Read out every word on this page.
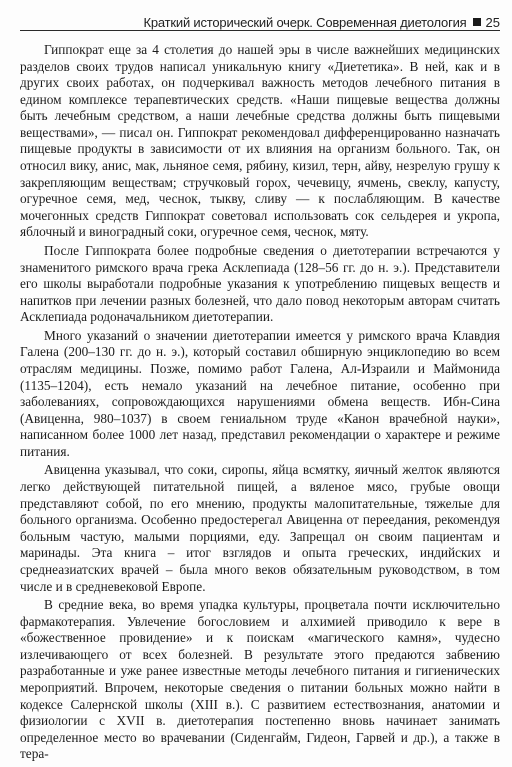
Краткий исторический очерк. Современная диетология 25

Гиппократ еще за 4 столетия до нашей эры в числе важнейших медицинских разделов своих трудов написал уникальную книгу «Диететика». В ней, как и в других своих работах, он подчеркивал важность методов лечебного питания в едином комплексе терапевтических средств. «Наши пищевые вещества должны быть лечебным средством, а наши лечебные средства должны быть пищевыми веществами», — писал он. Гиппократ рекомендовал дифференцированно назначать пищевые продукты в зависимости от их влияния на организм больного. Так, он относил вику, анис, мак, льняное семя, рябину, кизил, терн, айву, незрелую грушу к закрепляющим веществам; стручковый горох, чечевицу, ячмень, свеклу, капусту, огуречное семя, мед, чеснок, тыкву, сливу — к послабляющим. В качестве мочегонных средств Гиппократ советовал использовать сок сельдерея и укропа, яблочный и виноградный соки, огуречное семя, чеснок, мяту.

После Гиппократа более подробные сведения о диетотерапии встречаются у знаменитого римского врача грека Асклепиада (128–56 гг. до н. э.). Представители его школы выработали подробные указания к употреблению пищевых веществ и напитков при лечении разных болезней, что дало повод некоторым авторам считать Асклепиада родоначальником диетотерапии.

Много указаний о значении диетотерапии имеется у римского врача Клавдия Галена (200–130 гг. до н. э.), который составил обширную энциклопедию во всем отраслям медицины. Позже, помимо работ Галена, Ал-Израили и Маймонида (1135–1204), есть немало указаний на лечебное питание, особенно при заболеваниях, сопровождающихся нарушениями обмена веществ. Ибн-Сина (Авиценна, 980–1037) в своем гениальном труде «Канон врачебной науки», написанном более 1000 лет назад, представил рекомендации о характере и режиме питания.

Авиценна указывал, что соки, сиропы, яйца всмятку, яичный желток являются легко действующей питательной пищей, а вяленое мясо, грубые овощи представляют собой, по его мнению, продукты малопитательные, тяжелые для больного организма. Особенно предостерегал Авиценна от переедания, рекомендуя больным частую, малыми порциями, еду. Запрещал он своим пациентам и маринады. Эта книга – итог взглядов и опыта греческих, индийских и среднеазиатских врачей – была много веков обязательным руководством, в том числе и в средневековой Европе.

В средние века, во время упадка культуры, процветала почти исключительно фармакотерапия. Увлечение богословием и алхимией приводило к вере в «божественное провидение» и к поискам «магического камня», чудесно излечивающего от всех болезней. В результате этого предаются забвению разработанные и уже ранее известные методы лечебного питания и гигиенических мероприятий. Впрочем, некоторые сведения о питании больных можно найти в кодексе Салернской школы (XIII в.). С развитием естествознания, анатомии и физиологии с XVII в. диетотерапия постепенно вновь начинает занимать определенное место во врачевании (Сиденгайм, Гидеон, Гарвей и др.), а также в тера-
